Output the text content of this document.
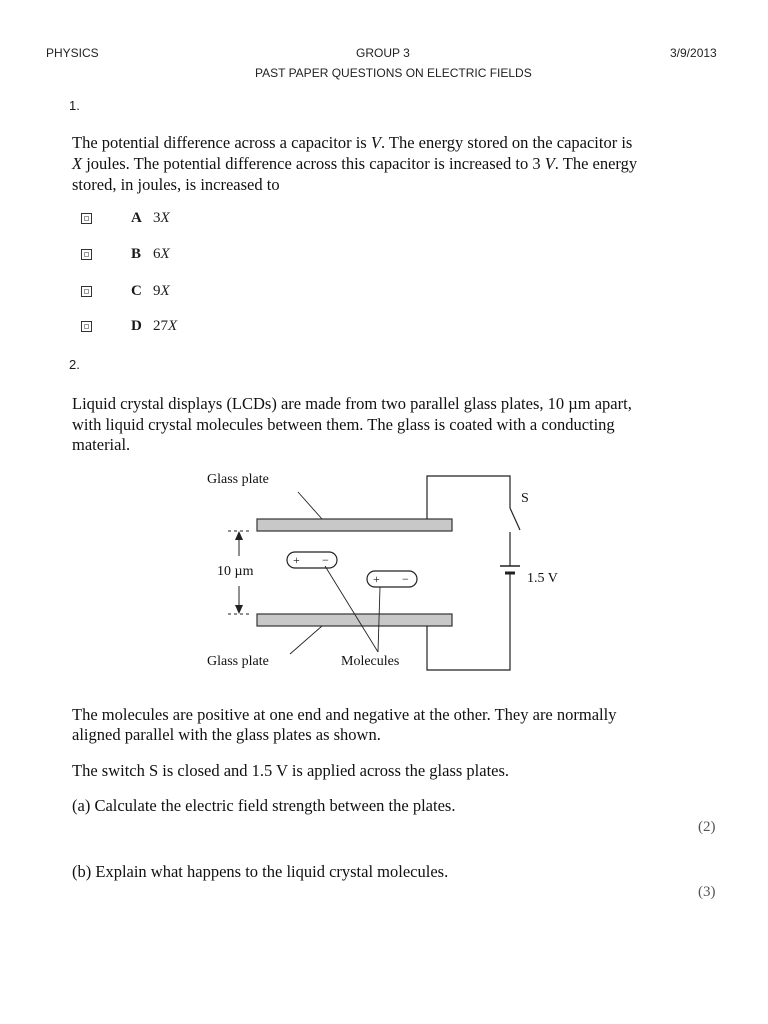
PHYSICS	GROUP 3	3/9/2013
PAST PAPER QUESTIONS ON ELECTRIC FIELDS
1.
The potential difference across a capacitor is V. The energy stored on the capacitor is
X joules. The potential difference across this capacitor is increased to 3 V. The energy
stored, in joules, is increased to
A 3X
B 6X
C 9X
D 27X
2.
Liquid crystal displays (LCDs) are made from two parallel glass plates, 10 µm apart,
with liquid crystal molecules between them. The glass is coated with a conducting
material.
Glass plate
Glass plate	Molecules
S
1.5 V
10 µm
+ −
+ −
The molecules are positive at one end and negative at the other. They are normally
aligned parallel with the glass plates as shown.
The switch S is closed and 1.5 V is applied across the glass plates.
(a) Calculate the electric field strength between the plates.
(2)
(b) Explain what happens to the liquid crystal molecules.
(3)
